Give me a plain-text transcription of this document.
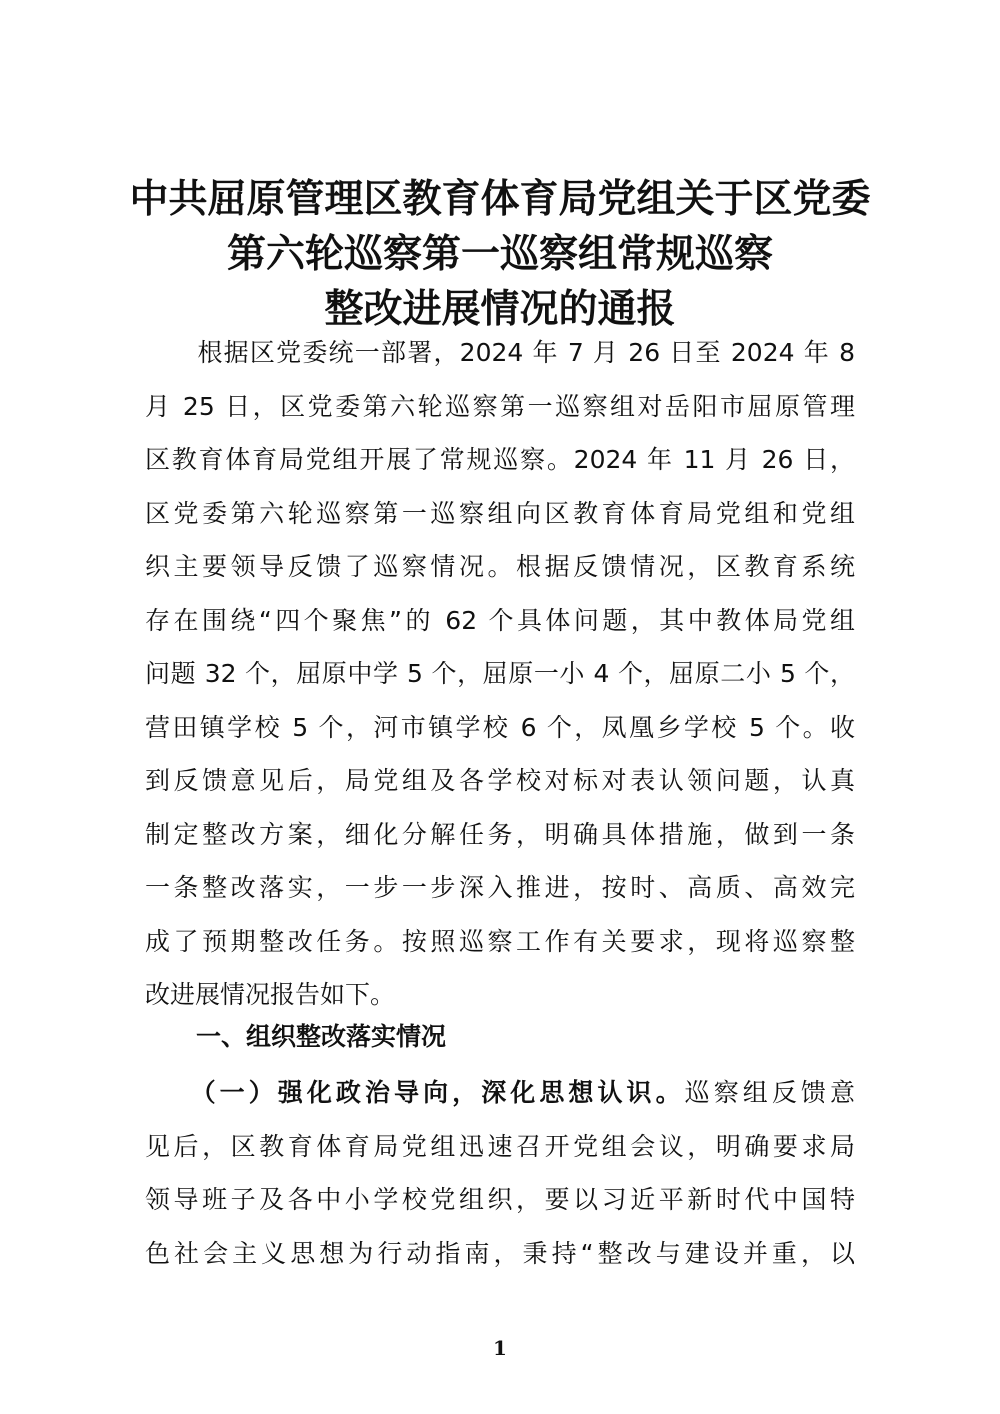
中共屈原管理区教育体育局党组关于区党委
第六轮巡察第一巡察组常规巡察
整改进展情况的通报
　　根据区党委统一部署，2024 年 7 月 26 日至 2024 年 8
月 25 日，区党委第六轮巡察第一巡察组对岳阳市屈原管理
区教育体育局党组开展了常规巡察。2024 年 11 月 26 日，
区党委第六轮巡察第一巡察组向区教育体育局党组和党组
织主要领导反馈了巡察情况。根据反馈情况，区教育系统
存在围绕“四个聚焦”的 62 个具体问题，其中教体局党组
问题 32 个，屈原中学 5 个，屈原一小 4 个，屈原二小 5 个，
营田镇学校 5 个，河市镇学校 6 个，凤凰乡学校 5 个。收
到反馈意见后，局党组及各学校对标对表认领问题，认真
制定整改方案，细化分解任务，明确具体措施，做到一条
一条整改落实，一步一步深入推进，按时、高质、高效完
成了预期整改任务。按照巡察工作有关要求，现将巡察整
改进展情况报告如下。
一、组织整改落实情况
　　（一）强化政治导向，深化思想认识。巡察组反馈意
见后，区教育体育局党组迅速召开党组会议，明确要求局
领导班子及各中小学校党组织，要以习近平新时代中国特
色社会主义思想为行动指南，秉持“整改与建设并重，以
1
